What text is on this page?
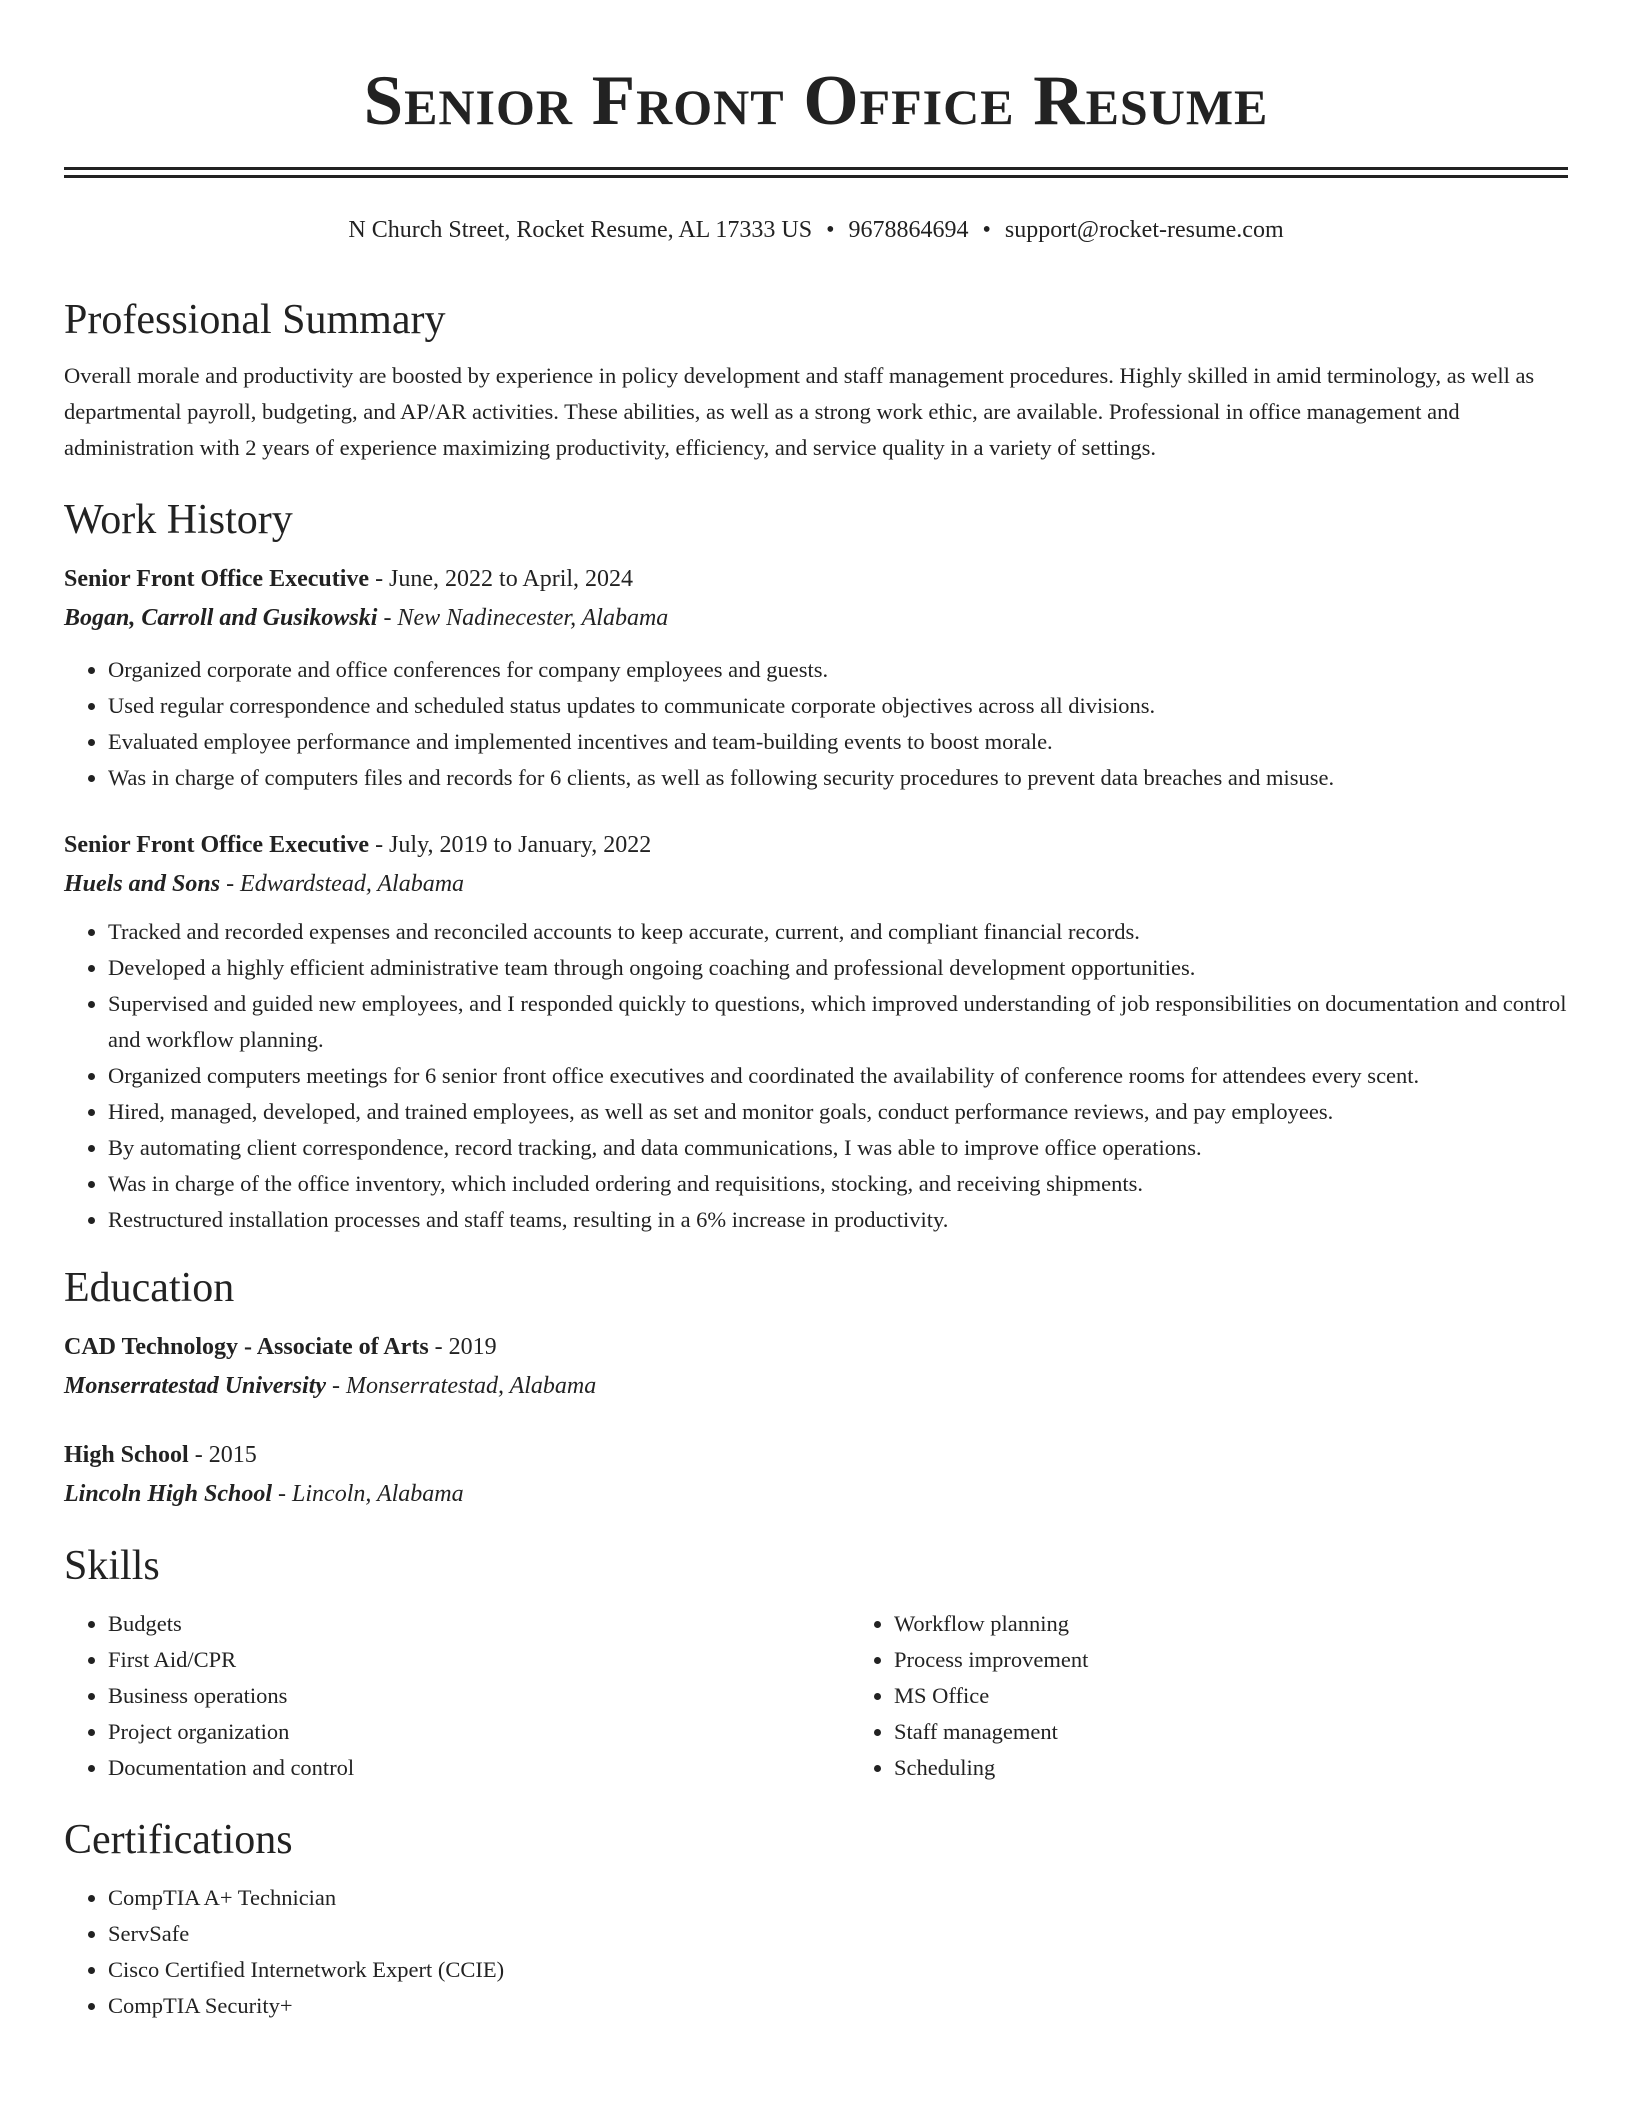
Senior Front Office Resume
N Church Street, Rocket Resume, AL 17333 US • 9678864694 • support@rocket-resume.com
Professional Summary

Overall morale and productivity are boosted by experience in policy development and staff management procedures. Highly skilled in amid terminology, as well as departmental payroll, budgeting, and AP/AR activities. These abilities, as well as a strong work ethic, are available. Professional in office management and administration with 2 years of experience maximizing productivity, efficiency, and service quality in a variety of settings.

Work History
Senior Front Office Executive - June, 2022 to April, 2024
Bogan, Carroll and Gusikowski - New Nadinecester, Alabama
• Organized corporate and office conferences for company employees and guests.
• Used regular correspondence and scheduled status updates to communicate corporate objectives across all divisions.
• Evaluated employee performance and implemented incentives and team-building events to boost morale.
• Was in charge of computers files and records for 6 clients, as well as following security procedures to prevent data breaches and misuse.
Senior Front Office Executive - July, 2019 to January, 2022
Huels and Sons - Edwardstead, Alabama
• Tracked and recorded expenses and reconciled accounts to keep accurate, current, and compliant financial records.
• Developed a highly efficient administrative team through ongoing coaching and professional development opportunities.
• Supervised and guided new employees, and I responded quickly to questions, which improved understanding of job responsibilities on documentation and control and workflow planning.
• Organized computers meetings for 6 senior front office executives and coordinated the availability of conference rooms for attendees every scent.
• Hired, managed, developed, and trained employees, as well as set and monitor goals, conduct performance reviews, and pay employees.
• By automating client correspondence, record tracking, and data communications, I was able to improve office operations.
• Was in charge of the office inventory, which included ordering and requisitions, stocking, and receiving shipments.
• Restructured installation processes and staff teams, resulting in a 6% increase in productivity.
Education
CAD Technology - Associate of Arts - 2019
Monserratestad University - Monserratestad, Alabama
High School - 2015
Lincoln High School - Lincoln, Alabama
Skills
• Budgets
• First Aid/CPR
• Business operations
• Project organization
• Documentation and control
• Workflow planning
• Process improvement
• MS Office
• Staff management
• Scheduling
Certifications
• CompTIA A+ Technician
• ServSafe
• Cisco Certified Internetwork Expert (CCIE)
• CompTIA Security+
